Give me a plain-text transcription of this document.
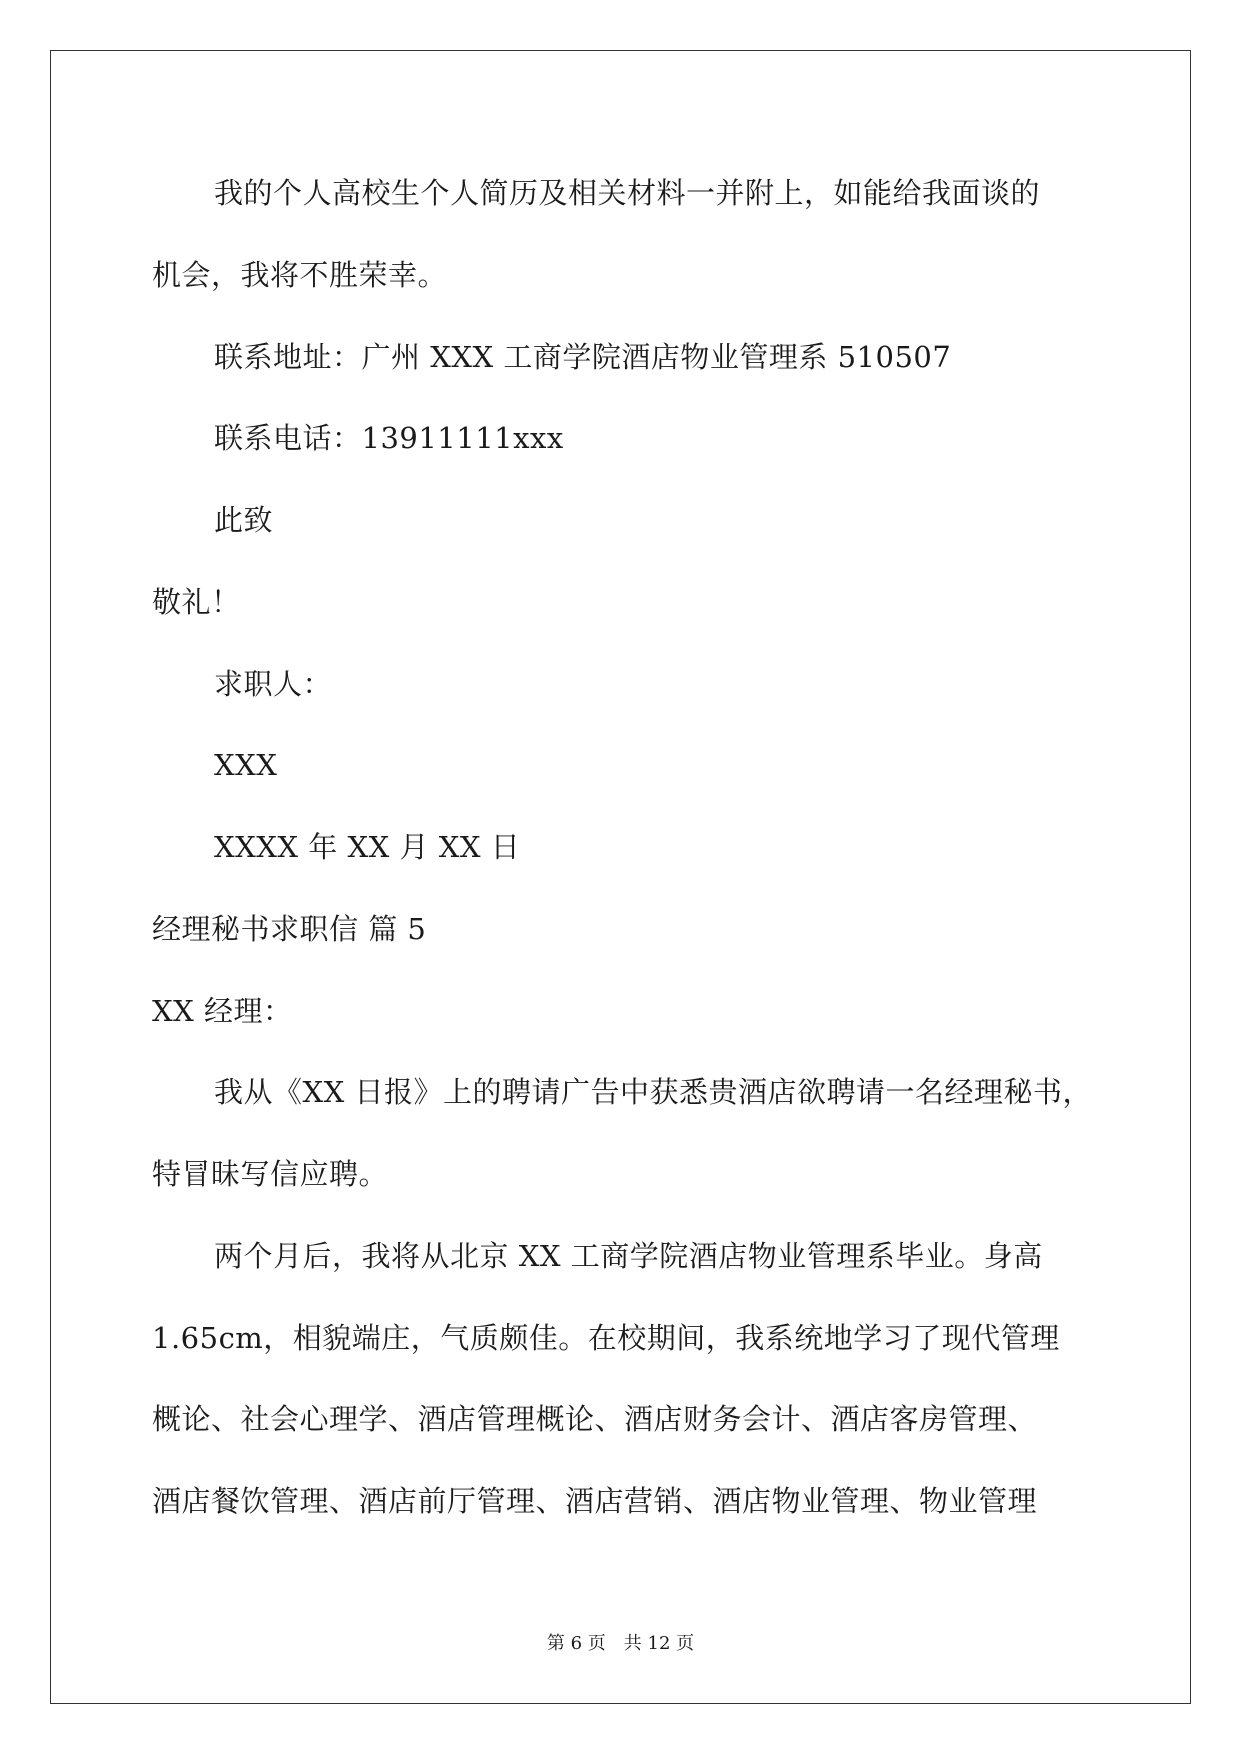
我的个人高校生个人简历及相关材料一并附上，如能给我面谈的
机会，我将不胜荣幸。
联系地址：广州 XXX 工商学院酒店物业管理系 510507
联系电话：13911111xxx
此致
敬礼！
求职人：
XXX
XXXX 年 XX 月 XX 日
经理秘书求职信 篇 5
XX 经理：
我从《XX 日报》上的聘请广告中获悉贵酒店欲聘请一名经理秘书，
特冒昧写信应聘。
两个月后，我将从北京 XX 工商学院酒店物业管理系毕业。身高
1.65cm，相貌端庄，气质颇佳。在校期间，我系统地学习了现代管理
概论、社会心理学、酒店管理概论、酒店财务会计、酒店客房管理、
酒店餐饮管理、酒店前厅管理、酒店营销、酒店物业管理、物业管理
第 6 页　共 12 页
